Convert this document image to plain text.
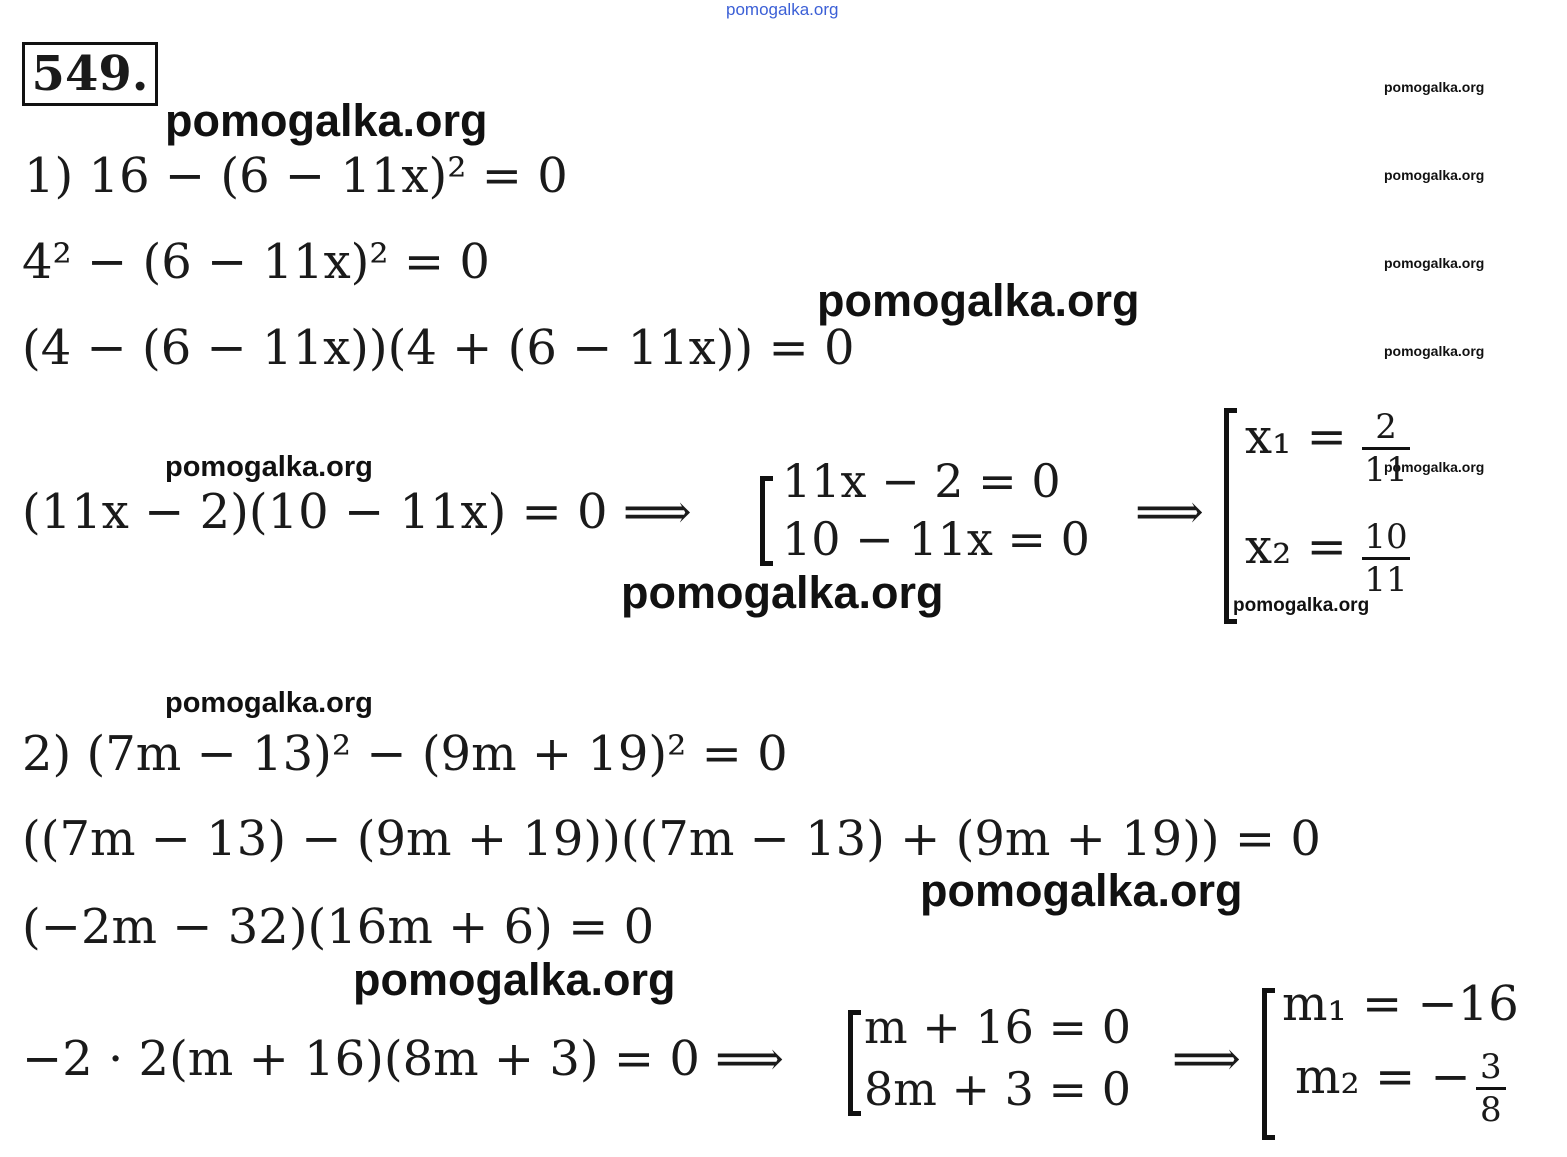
pomogalka.org
pomogalka.org
pomogalka.org
pomogalka.org
pomogalka.org
pomogalka.org
pomogalka.org
pomogalka.org
pomogalka.org
pomogalka.org
pomogalka.org
pomogalka.org
pomogalka.org
pomogalka.org
549.
1) 16 − (6 − 11x)² = 0
4² − (6 − 11x)² = 0
(4 − (6 − 11x))(4 + (6 − 11x)) = 0
(11x − 2)(10 − 11x) = 0 ⟹
11x − 2 = 0
10 − 11x = 0 ⟹
$x_1 = \frac{2}{11}$
$x_2 = \frac{10}{11}$
2) (7m − 13)² − (9m + 19)² = 0
((7m − 13) − (9m + 19))((7m − 13) + (9m + 19)) = 0
(−2m − 32)(16m + 6) = 0
−2 · 2(m + 16)(8m + 3) = 0 ⟹
m + 16 = 0
8m + 3 = 0
⟹
m₁ = −16
m₂ = − $\frac{3}{8}$
